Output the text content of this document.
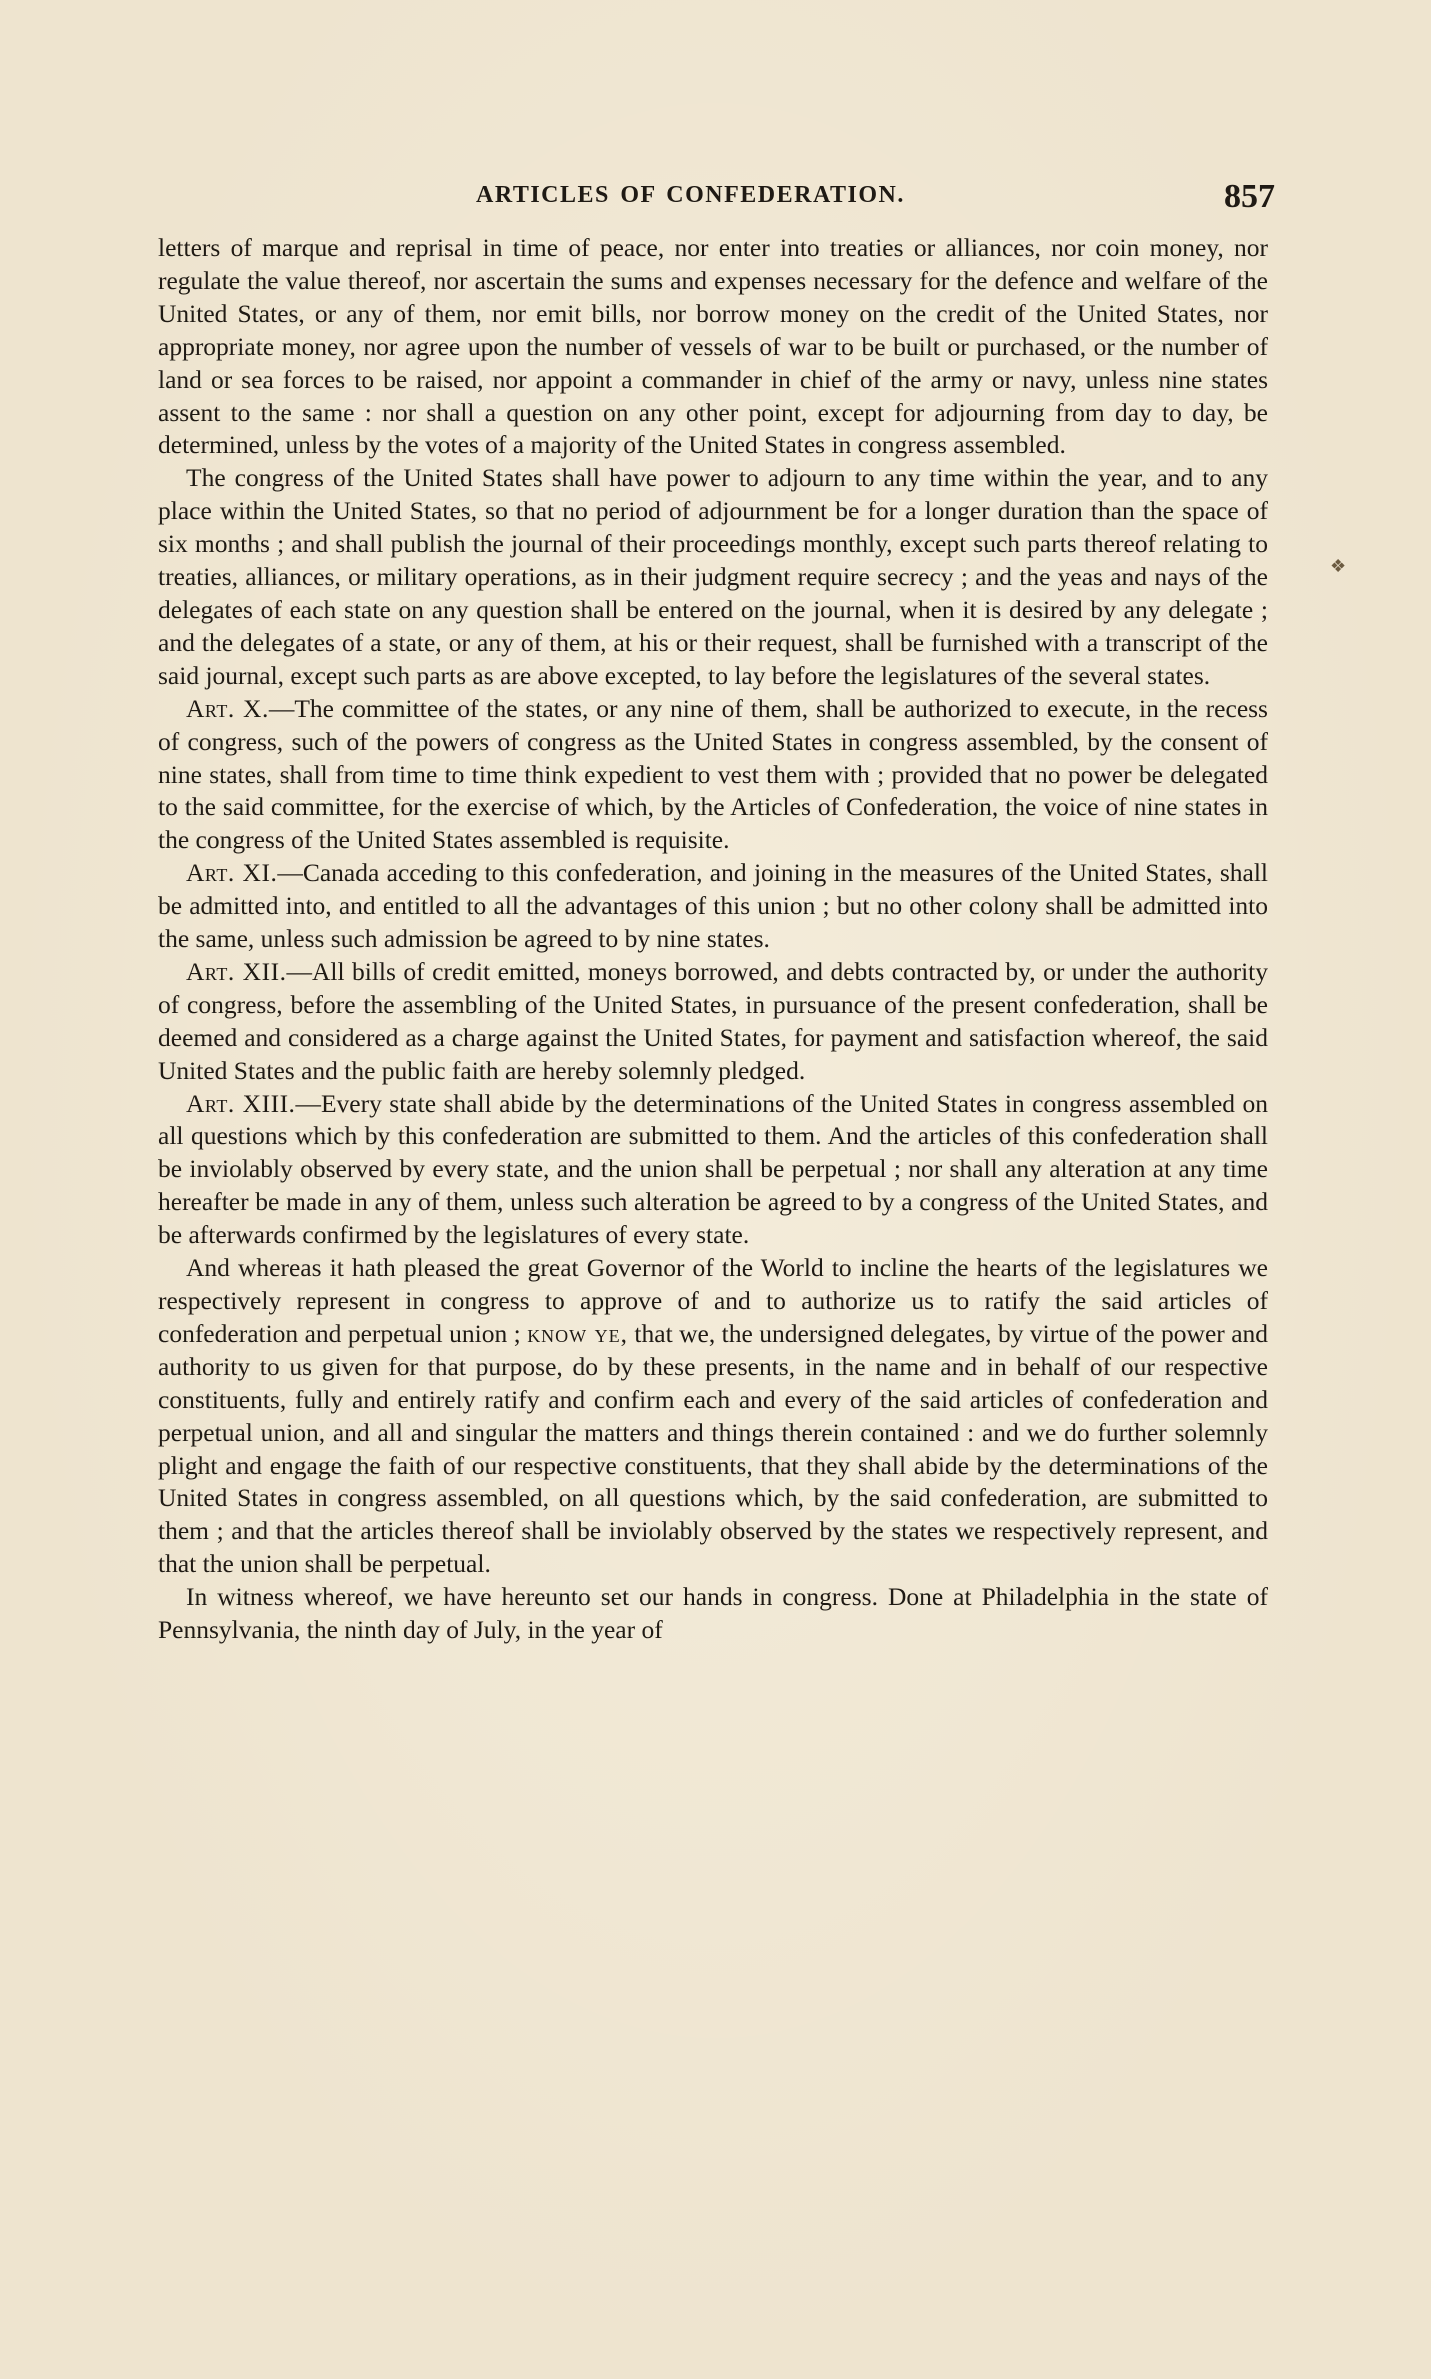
ARTICLES OF CONFEDERATION.	857

letters of marque and reprisal in time of peace, nor enter into treaties or alliances, nor coin money, nor regulate the value thereof, nor ascertain the sums and expenses necessary for the defence and welfare of the United States, or any of them, nor emit bills, nor borrow money on the credit of the United States, nor appropriate money, nor agree upon the number of vessels of war to be built or purchased, or the number of land or sea forces to be raised, nor appoint a commander in chief of the army or navy, unless nine states assent to the same : nor shall a question on any other point, except for adjourning from day to day, be determined, unless by the votes of a majority of the United States in congress assembled.

The congress of the United States shall have power to adjourn to any time within the year, and to any place within the United States, so that no period of adjournment be for a longer duration than the space of six months ; and shall publish the journal of their proceedings monthly, except such parts thereof relating to treaties, alliances, or military operations, as in their judgment require secrecy ; and the yeas and nays of the delegates of each state on any question shall be entered on the journal, when it is desired by any delegate ; and the delegates of a state, or any of them, at his or their request, shall be furnished with a transcript of the said journal, except such parts as are above excepted, to lay before the legislatures of the several states.

Art. X.—The committee of the states, or any nine of them, shall be authorized to execute, in the recess of congress, such of the powers of congress as the United States in congress assembled, by the consent of nine states, shall from time to time think expedient to vest them with ; provided that no power be delegated to the said committee, for the exercise of which, by the Articles of Confederation, the voice of nine states in the congress of the United States assembled is requisite.

Art. XI.—Canada acceding to this confederation, and joining in the measures of the United States, shall be admitted into, and entitled to all the advantages of this union ; but no other colony shall be admitted into the same, unless such admission be agreed to by nine states.

Art. XII.—All bills of credit emitted, moneys borrowed, and debts contracted by, or under the authority of congress, before the assembling of the United States, in pursuance of the present confederation, shall be deemed and considered as a charge against the United States, for payment and satisfaction whereof, the said United States and the public faith are hereby solemnly pledged.

Art. XIII.—Every state shall abide by the determinations of the United States in congress assembled on all questions which by this confederation are submitted to them. And the articles of this confederation shall be inviolably observed by every state, and the union shall be perpetual ; nor shall any alteration at any time hereafter be made in any of them, unless such alteration be agreed to by a congress of the United States, and be afterwards confirmed by the legislatures of every state.

And whereas it hath pleased the great Governor of the World to incline the hearts of the legislatures we respectively represent in congress to approve of and to authorize us to ratify the said articles of confederation and perpetual union ; know ye, that we, the undersigned delegates, by virtue of the power and authority to us given for that purpose, do by these presents, in the name and in behalf of our respective constituents, fully and entirely ratify and confirm each and every of the said articles of confederation and perpetual union, and all and singular the matters and things therein contained : and we do further solemnly plight and engage the faith of our respective constituents, that they shall abide by the determinations of the United States in congress assembled, on all questions which, by the said confederation, are submitted to them ; and that the articles thereof shall be inviolably observed by the states we respectively represent, and that the union shall be perpetual.

In witness whereof, we have hereunto set our hands in congress. Done at Philadelphia in the state of Pennsylvania, the ninth day of July, in the year of

❖
